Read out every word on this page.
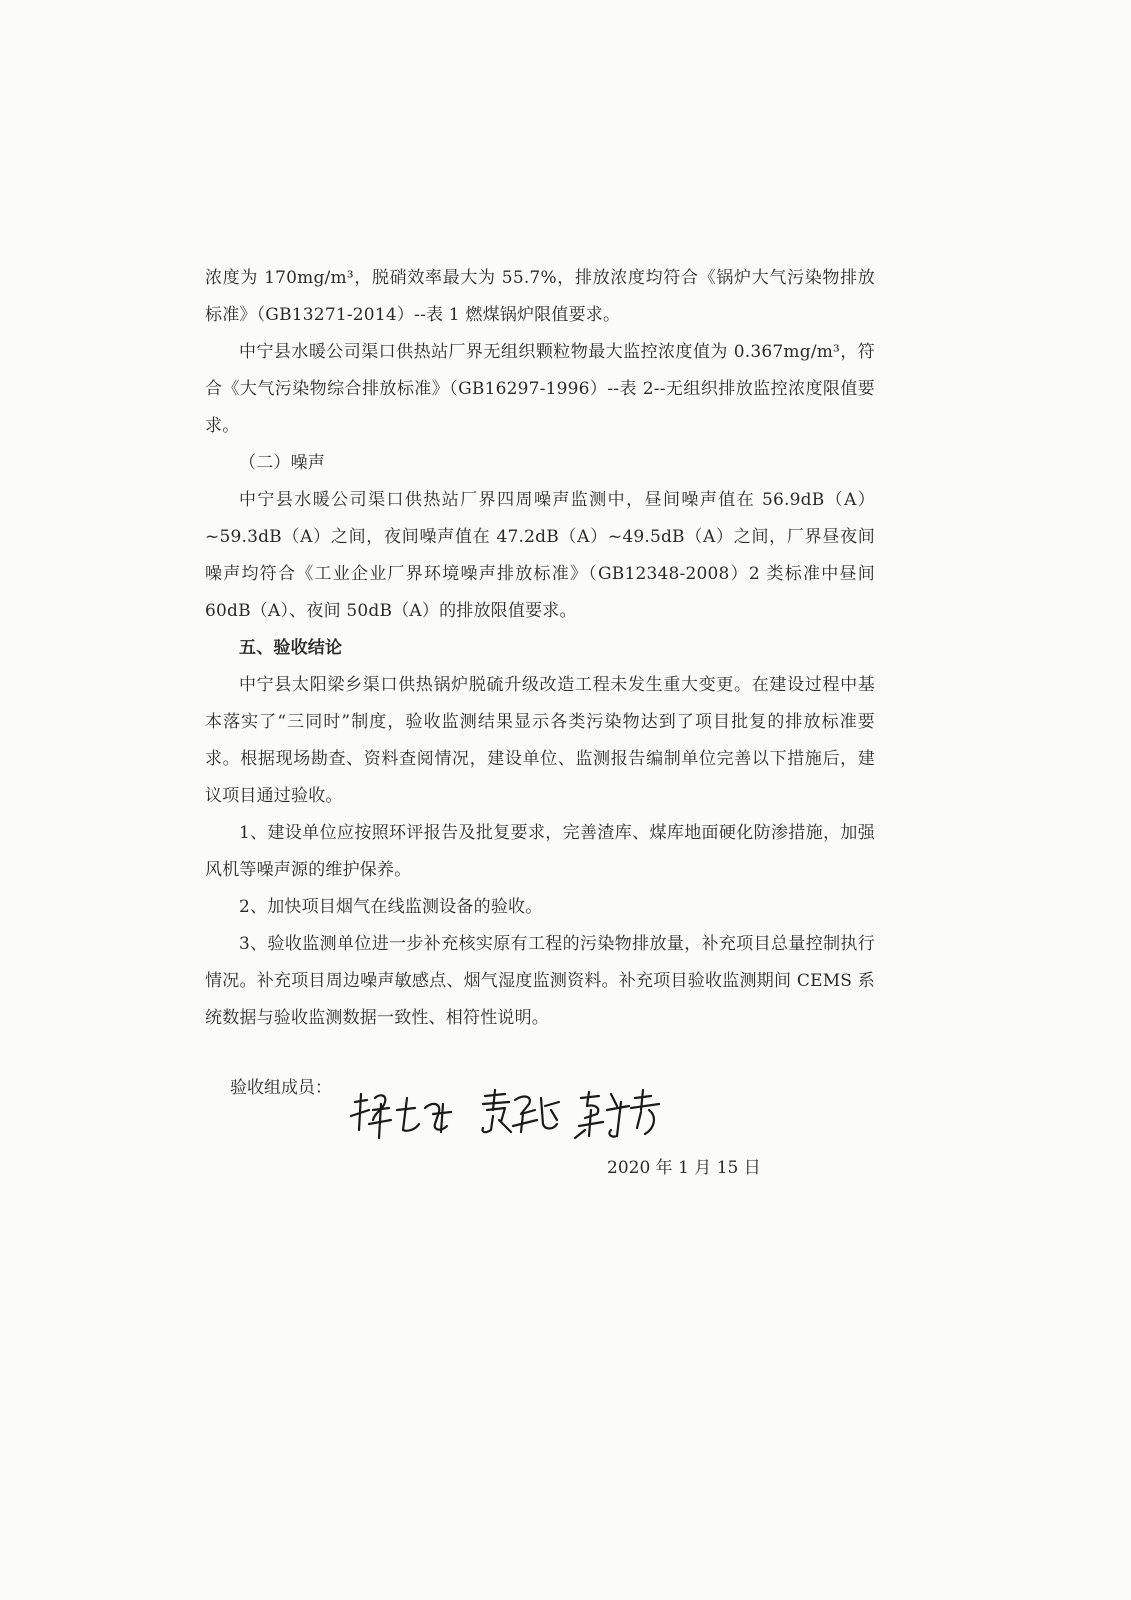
浓度为 170mg/m³，脱硝效率最大为 55.7%，排放浓度均符合《锅炉大气污染物排放标准》（GB13271-2014）--表 1 燃煤锅炉限值要求。

中宁县水暖公司渠口供热站厂界无组织颗粒物最大监控浓度值为 0.367mg/m³，符合《大气污染物综合排放标准》（GB16297-1996）--表 2--无组织排放监控浓度限值要求。

（二）噪声

中宁县水暖公司渠口供热站厂界四周噪声监测中，昼间噪声值在 56.9dB（A）~59.3dB（A）之间，夜间噪声值在 47.2dB（A）~49.5dB（A）之间，厂界昼夜间噪声均符合《工业企业厂界环境噪声排放标准》（GB12348-2008）2 类标准中昼间 60dB（A）、夜间 50dB（A）的排放限值要求。

五、验收结论

中宁县太阳梁乡渠口供热锅炉脱硫升级改造工程未发生重大变更。在建设过程中基本落实了“三同时”制度，验收监测结果显示各类污染物达到了项目批复的排放标准要求。根据现场勘查、资料查阅情况，建设单位、监测报告编制单位完善以下措施后，建议项目通过验收。

1、建设单位应按照环评报告及批复要求，完善渣库、煤库地面硬化防渗措施，加强风机等噪声源的维护保养。

2、加快项目烟气在线监测设备的验收。

3、验收监测单位进一步补充核实原有工程的污染物排放量，补充项目总量控制执行情况。补充项目周边噪声敏感点、烟气湿度监测资料。补充项目验收监测期间 CEMS 系统数据与验收监测数据一致性、相符性说明。

验收组成员：
2020 年 1 月 15 日
